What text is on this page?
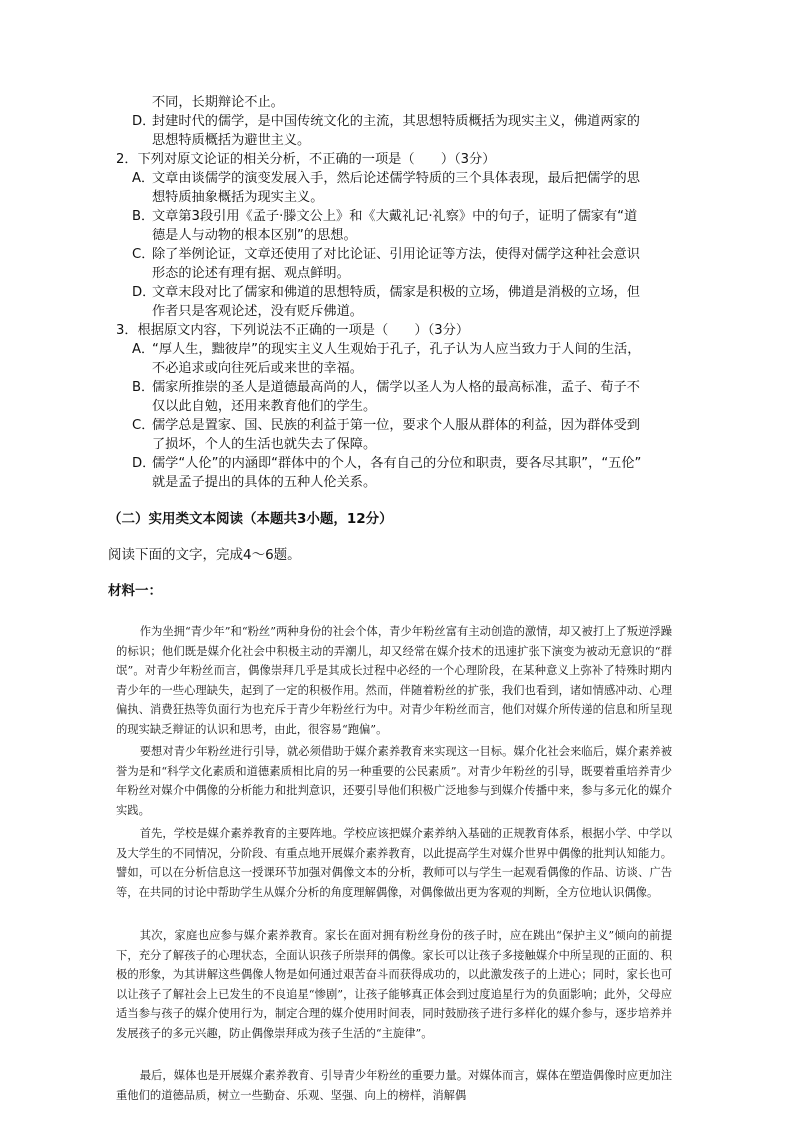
不同，长期辩论不止。
D．
封建时代的儒学，是中国传统文化的主流，其思想特质概括为现实主义，佛道两家的
思想特质概括为避世主义。
2．下列对原文论证的相关分析，不正确的一项是（　　）（3分）
A．
文章由谈儒学的演变发展入手，然后论述儒学特质的三个具体表现，最后把儒学的思
想特质抽象概括为现实主义。
B．
文章第3段引用《孟子·滕文公上》和《大戴礼记·礼察》中的句子，证明了儒家有“道
德是人与动物的根本区别”的思想。
C．
除了举例论证，文章还使用了对比论证、引用论证等方法，使得对儒学这种社会意识
形态的论述有理有据、观点鲜明。
D．
文章末段对比了儒家和佛道的思想特质，儒家是积极的立场，佛道是消极的立场，但
作者只是客观论述，没有贬斥佛道。
3．根据原文内容，下列说法不正确的一项是（　　）（3分）
A．
“厚人生，黜彼岸”的现实主义人生观始于孔子，孔子认为人应当致力于人间的生活，
不必追求或向往死后或来世的幸福。
B．
儒家所推崇的圣人是道德最高尚的人，儒学以圣人为人格的最高标准，孟子、荀子不
仅以此自勉，还用来教育他们的学生。
C．
儒学总是置家、国、民族的利益于第一位，要求个人服从群体的利益，因为群体受到
了损坏，个人的生活也就失去了保障。
D．
儒学“人伦”的内涵即“群体中的个人，各有自己的分位和职责，要各尽其职”，“五伦”
就是孟子提出的具体的五种人伦关系。
（二）实用类文本阅读（本题共3小题，12分）
阅读下面的文字，完成4～6题。
材料一：

作为坐拥“青少年”和“粉丝”两种身份的社会个体，青少年粉丝富有主动创造的激情，却又被打上了叛逆浮躁的标识；他们既是媒介化社会中积极主动的弄潮儿，却又经常在媒介技术的迅速扩张下演变为被动无意识的“群氓”。对青少年粉丝而言，偶像崇拜几乎是其成长过程中必经的一个心理阶段，在某种意义上弥补了特殊时期内青少年的一些心理缺失，起到了一定的积极作用。然而，伴随着粉丝的扩张，我们也看到，诸如情感冲动、心理偏执、消费狂热等负面行为也充斥于青少年粉丝行为中。对青少年粉丝而言，他们对媒介所传递的信息和所呈现的现实缺乏辩证的认识和思考，由此，很容易“跑偏”。

要想对青少年粉丝进行引导，就必须借助于媒介素养教育来实现这一目标。媒介化社会来临后，媒介素养被誉为是和“科学文化素质和道德素质相比肩的另一种重要的公民素质”。对青少年粉丝的引导，既要着重培养青少年粉丝对媒介中偶像的分析能力和批判意识，还要引导他们积极广泛地参与到媒介传播中来，参与多元化的媒介实践。

首先，学校是媒介素养教育的主要阵地。学校应该把媒介素养纳入基础的正规教育体系，根据小学、中学以及大学生的不同情况，分阶段、有重点地开展媒介素养教育，以此提高学生对媒介世界中偶像的批判认知能力。譬如，可以在分析信息这一授课环节加强对偶像文本的分析，教师可以与学生一起观看偶像的作品、访谈、广告等，在共同的讨论中帮助学生从媒介分析的角度理解偶像，对偶像做出更为客观的判断，全方位地认识偶像。

其次，家庭也应参与媒介素养教育。家长在面对拥有粉丝身份的孩子时，应在跳出“保护主义”倾向的前提下，充分了解孩子的心理状态，全面认识孩子所崇拜的偶像。家长可以让孩子多接触媒介中所呈现的正面的、积极的形象，为其讲解这些偶像人物是如何通过艰苦奋斗而获得成功的，以此激发孩子的上进心；同时，家长也可以让孩子了解社会上已发生的不良追星“惨剧”，让孩子能够真正体会到过度追星行为的负面影响；此外，父母应适当参与孩子的媒介使用行为，制定合理的媒介使用时间表，同时鼓励孩子进行多样化的媒介参与，逐步培养并发展孩子的多元兴趣，防止偶像崇拜成为孩子生活的“主旋律”。

最后，媒体也是开展媒介素养教育、引导青少年粉丝的重要力量。对媒体而言，媒体在塑造偶像时应更加注重他们的道德品质，树立一些勤奋、乐观、坚强、向上的榜样，消解偶
